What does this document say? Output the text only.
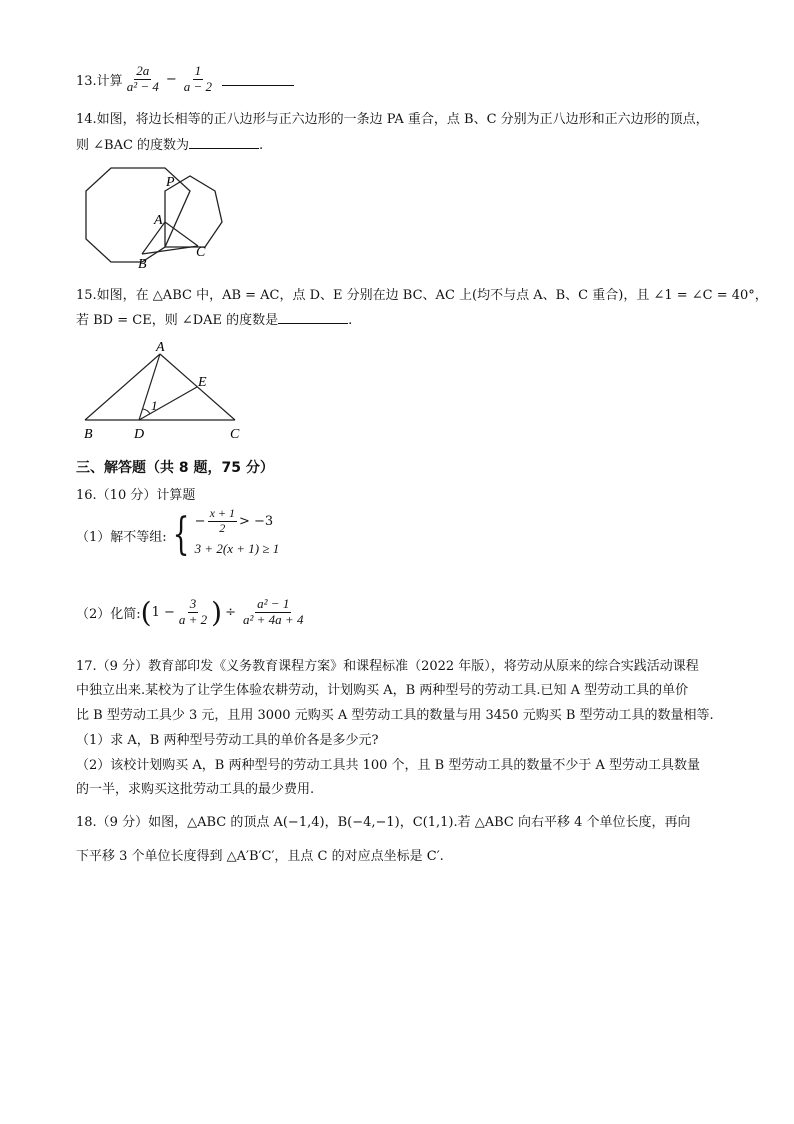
13.计算 $\frac{2a}{\text{a² − 4}} - \frac{1}{a - 2}$
14.如图，将边长相等的正八边形与正六边形的一条边 PA 重合，点 B、C 分别为正八边形和正六边形的顶点，
则 ∠BAC 的度数为	.
P
A
B
C
15.如图，在 △ABC 中，AB = AC，点 D、E 分别在边 BC、AC 上(均不与点 A、B、C 重合)，且 ∠1 = ∠C = 40°，
若 BD = CE，则 ∠DAE 的度数是	.
A
E
1
B	D	C
三、解答题（共 8 题，75 分）
16.（10 分）计算题
（1）解不等组: { − $\frac{x + 1}{2} > -3$
3 + 2(x + 1) ≥ 1
（2）化简: ( $1 - \frac{3}{a + 2}$ ) ÷ $\frac{\text{a² − 1}}{\text{a² + 4a + 4}}$
17.（9 分）教育部印发《义务教育课程方案》和课程标准（2022 年版），将劳动从原来的综合实践活动课程
中独立出来.某校为了让学生体验农耕劳动，计划购买 A，B 两种型号的劳动工具.已知 A 型劳动工具的单价
比 B 型劳动工具少 3 元，且用 3000 元购买 A 型劳动工具的数量与用 3450 元购买 B 型劳动工具的数量相等.
（1）求 A，B 两种型号劳动工具的单价各是多少元?
（2）该校计划购买 A，B 两种型号的劳动工具共 100 个，且 B 型劳动工具的数量不少于 A 型劳动工具数量
的一半，求购买这批劳动工具的最少费用.
18.（9 分）如图，△ABC 的顶点 A(−1,4)，B(−4,−1)，C(1,1).若 △ABC 向右平移 4 个单位长度，再向
下平移 3 个单位长度得到 △A′B′C′，且点 C 的对应点坐标是 C′.
